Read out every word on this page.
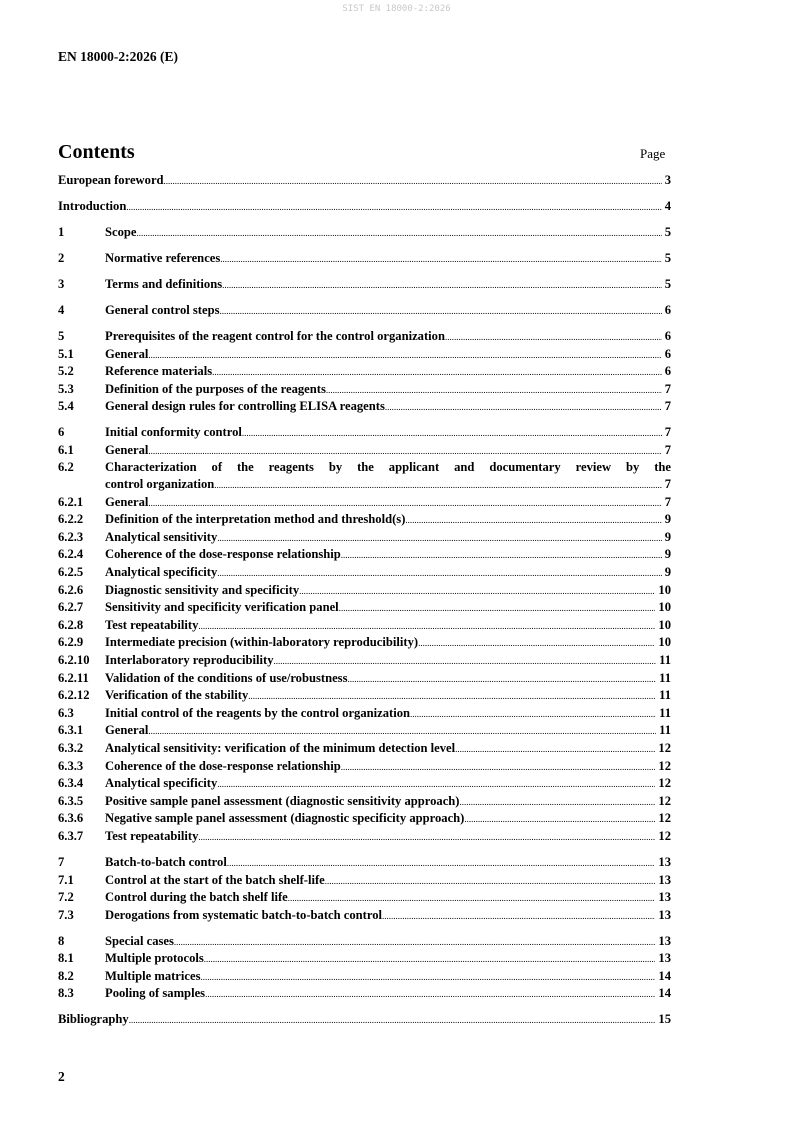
SIST EN 18000-2:2026
EN 18000-2:2026 (E)
Contents	Page
European foreword .....	3
Introduction .....	4
1	Scope .....	5
2	Normative references .....	5
3	Terms and definitions .....	5
4	General control steps .....	6
5	Prerequisites of the reagent control for the control organization .....	6
5.1	General .....	6
5.2	Reference materials .....	6
5.3	Definition of the purposes of the reagents .....	7
5.4	General design rules for controlling ELISA reagents .....	7
6	Initial conformity control .....	7
6.1	General .....	7
6.2	Characterization of the reagents by the applicant and documentary review by the
control organization .....	7
6.2.1	General .....	7
6.2.2	Definition of the interpretation method and threshold(s) .....	9
6.2.3	Analytical sensitivity .....	9
6.2.4	Coherence of the dose-response relationship .....	9
6.2.5	Analytical specificity .....	9
6.2.6	Diagnostic sensitivity and specificity .....	10
6.2.7	Sensitivity and specificity verification panel .....	10
6.2.8	Test repeatability .....	10
6.2.9	Intermediate precision (within-laboratory reproducibility) .....	10
6.2.10	Interlaboratory reproducibility .....	11
6.2.11	Validation of the conditions of use/robustness .....	11
6.2.12	Verification of the stability .....	11
6.3	Initial control of the reagents by the control organization .....	11
6.3.1	General .....	11
6.3.2	Analytical sensitivity: verification of the minimum detection level .....	12
6.3.3	Coherence of the dose-response relationship .....	12
6.3.4	Analytical specificity .....	12
6.3.5	Positive sample panel assessment (diagnostic sensitivity approach) .....	12
6.3.6	Negative sample panel assessment (diagnostic specificity approach) .....	12
6.3.7	Test repeatability .....	12
7	Batch-to-batch control .....	13
7.1	Control at the start of the batch shelf-life .....	13
7.2	Control during the batch shelf life .....	13
7.3	Derogations from systematic batch-to-batch control .....	13
8	Special cases .....	13
8.1	Multiple protocols .....	13
8.2	Multiple matrices .....	14
8.3	Pooling of samples .....	14
Bibliography .....	15
2
